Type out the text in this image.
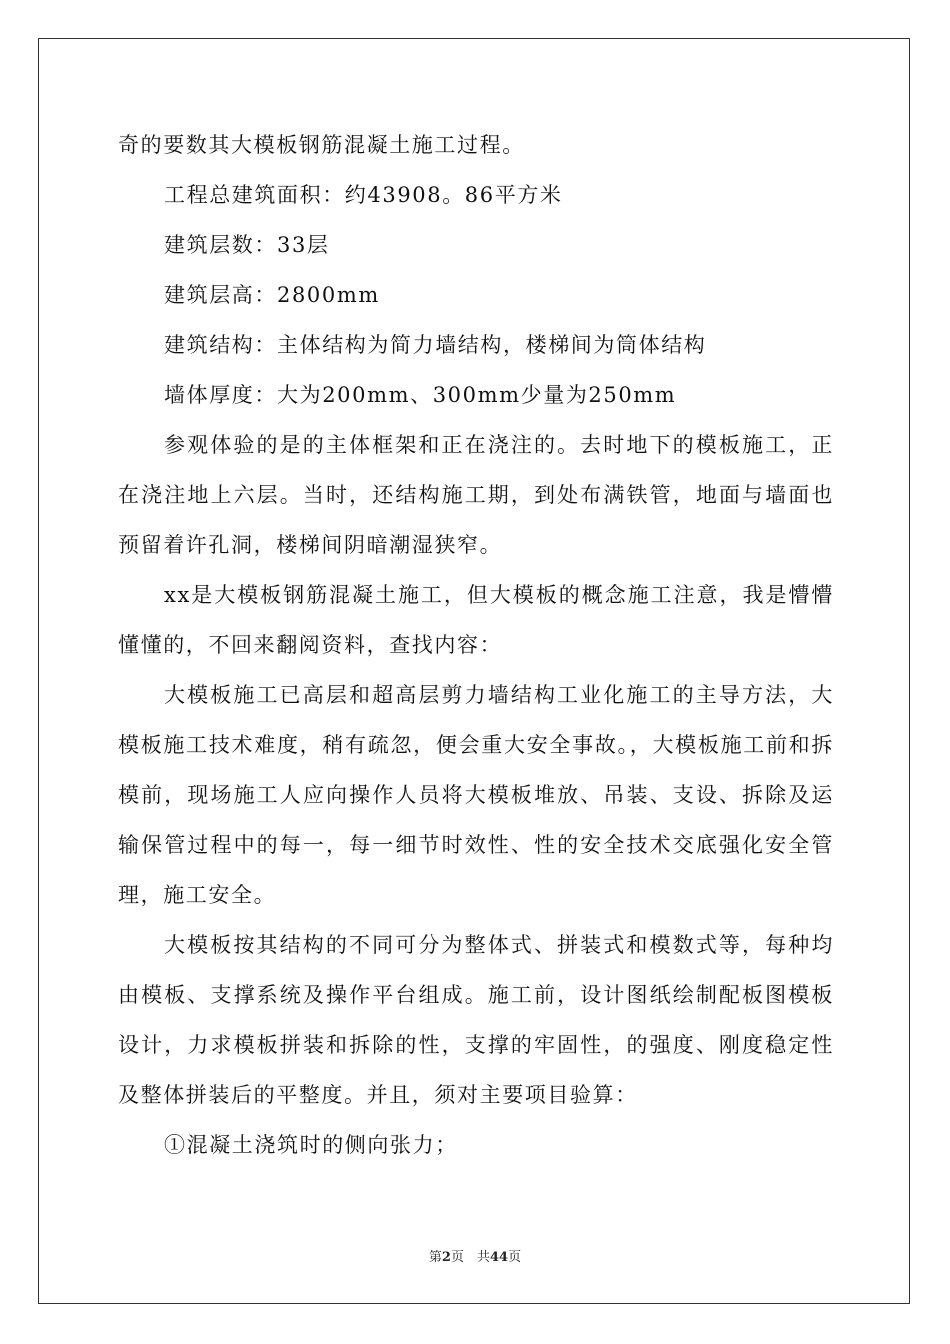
奇的要数其大模板钢筋混凝土施工过程。

工程总建筑面积：约43908。86平方米

建筑层数：33层

建筑层高：2800mm

建筑结构：主体结构为简力墙结构，楼梯间为筒体结构

墙体厚度：大为200mm、300mm少量为250mm

参观体验的是的主体框架和正在浇注的。去时地下的模板施工，正在浇注地上六层。当时，还结构施工期，到处布满铁管，地面与墙面也预留着许孔洞，楼梯间阴暗潮湿狭窄。

xx是大模板钢筋混凝土施工，但大模板的概念施工注意，我是懵懵懂懂的，不回来翻阅资料，查找内容：

大模板施工已高层和超高层剪力墙结构工业化施工的主导方法，大模板施工技术难度，稍有疏忽，便会重大安全事故。，大模板施工前和拆模前，现场施工人应向操作人员将大模板堆放、吊装、支设、拆除及运输保管过程中的每一，每一细节时效性、性的安全技术交底强化安全管理，施工安全。

大模板按其结构的不同可分为整体式、拼装式和模数式等，每种均由模板、支撑系统及操作平台组成。施工前，设计图纸绘制配板图模板设计，力求模板拼装和拆除的性，支撑的牢固性，的强度、刚度稳定性及整体拼装后的平整度。并且，须对主要项目验算：

①混凝土浇筑时的侧向张力；

第2页　共44页
